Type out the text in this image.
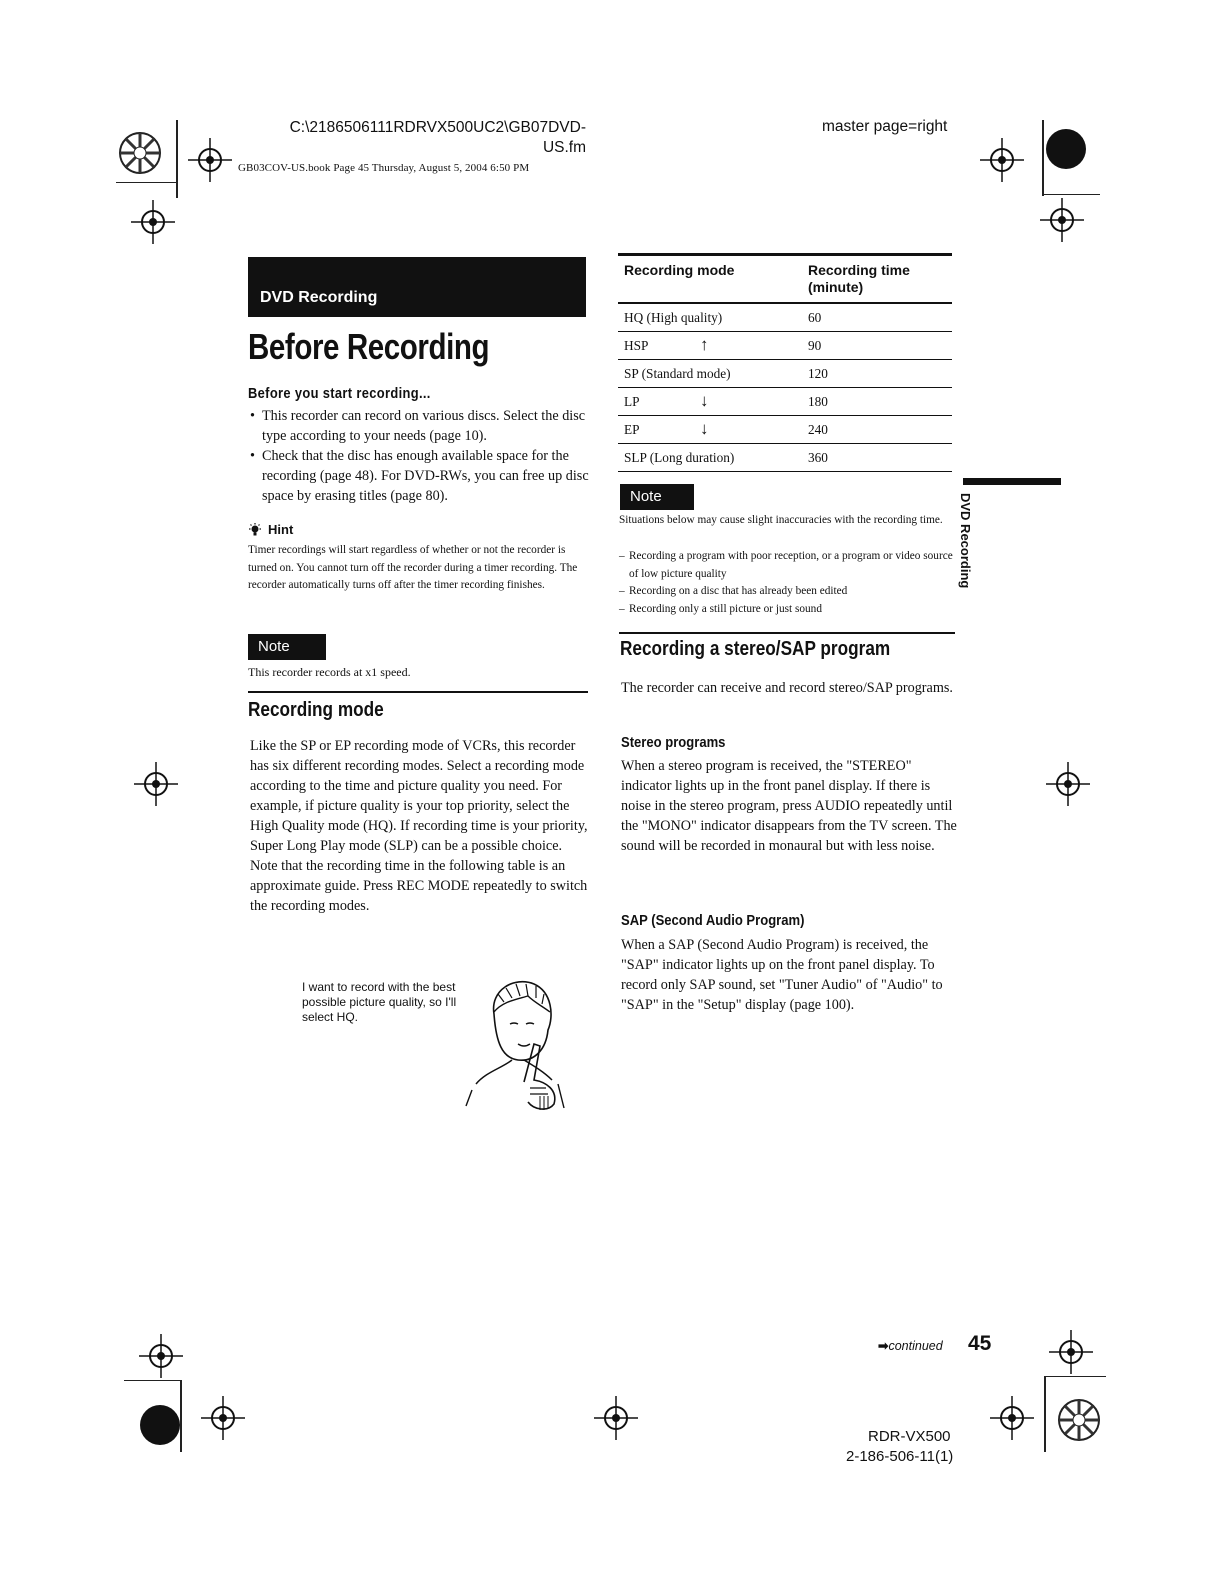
C:\2186506111RDRVX500UC2\GB07DVD-
US.fm
GB03COV-US.book Page 45 Thursday, August 5, 2004 6:50 PM
master page=right
DVD Recording
Before Recording
Before you start recording...
• This recorder can record on various discs. Select the disc type according to your needs (page 10).
• Check that the disc has enough available space for the recording (page 48). For DVD-RWs, you can free up disc space by erasing titles (page 80).
Hint
Timer recordings will start regardless of whether or not the recorder is turned on. You cannot turn off the recorder during a timer recording. The recorder automatically turns off after the timer recording finishes.
Note
This recorder records at x1 speed.
Recording mode
Like the SP or EP recording mode of VCRs, this recorder has six different recording modes. Select a recording mode according to the time and picture quality you need. For example, if picture quality is your top priority, select the High Quality mode (HQ). If recording time is your priority, Super Long Play mode (SLP) can be a possible choice. Note that the recording time in the following table is an approximate guide. Press REC MODE repeatedly to switch the recording modes.
I want to record with the best possible picture quality, so I'll select HQ.
Recording mode	Recording time (minute)
HQ (High quality)	60
HSP ↑	90
SP (Standard mode)	120
LP ↓	180
EP ↓	240
SLP (Long duration)	360
Note
Situations below may cause slight inaccuracies with the recording time.
– Recording a program with poor reception, or a program or video source of low picture quality
– Recording on a disc that has already been edited
– Recording only a still picture or just sound
Recording a stereo/SAP program
The recorder can receive and record stereo/SAP programs.
Stereo programs
When a stereo program is received, the "STEREO" indicator lights up in the front panel display. If there is noise in the stereo program, press AUDIO repeatedly until the "MONO" indicator disappears from the TV screen. The sound will be recorded in monaural but with less noise.
SAP (Second Audio Program)
When a SAP (Second Audio Program) is received, the "SAP" indicator lights up on the front panel display. To record only SAP sound, set "Tuner Audio" of "Audio" to "SAP" in the "Setup" display (page 100).
DVD Recording
➡continued 45
RDR-VX500
2-186-506-11(1)
